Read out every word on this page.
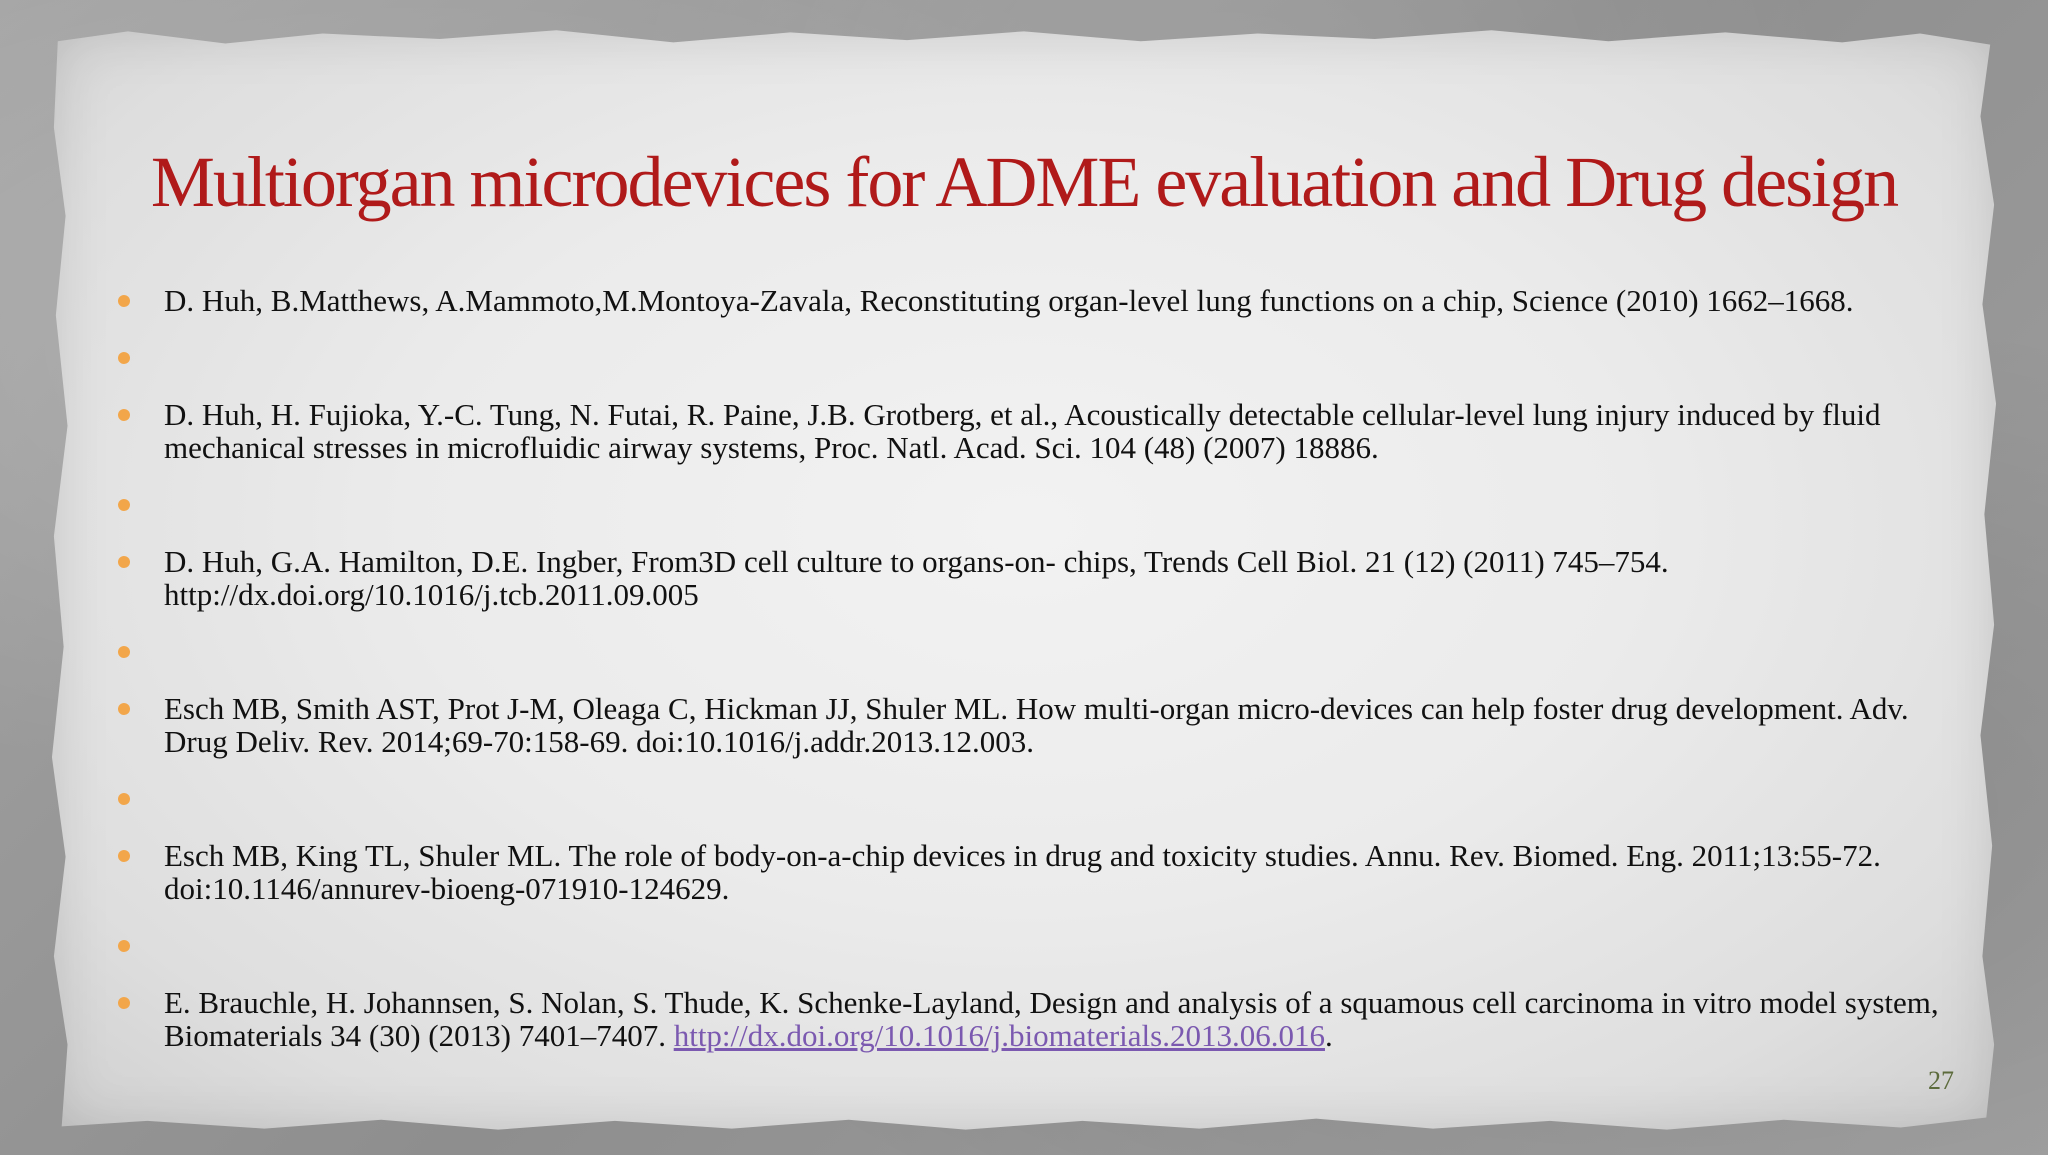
Multiorgan microdevices for ADME evaluation and Drug design
D. Huh, B.Matthews, A.Mammoto,M.Montoya-Zavala, Reconstituting organ-level lung functions on a chip, Science (2010) 1662–1668.
D. Huh, H. Fujioka, Y.-C. Tung, N. Futai, R. Paine, J.B. Grotberg, et al., Acoustically detectable cellular-level lung injury induced by fluid mechanical stresses in microfluidic airway systems, Proc. Natl. Acad. Sci. 104 (48) (2007) 18886.
D. Huh, G.A. Hamilton, D.E. Ingber, From3D cell culture to organs-on- chips, Trends Cell Biol. 21 (12) (2011) 745–754. http://dx.doi.org/10.1016/j.tcb.2011.09.005
Esch MB, Smith AST, Prot J-M, Oleaga C, Hickman JJ, Shuler ML. How multi-organ micro-devices can help foster drug development. Adv. Drug Deliv. Rev. 2014;69-70:158-69. doi:10.1016/j.addr.2013.12.003.
Esch MB, King TL, Shuler ML. The role of body-on-a-chip devices in drug and toxicity studies. Annu. Rev. Biomed. Eng. 2011;13:55-72. doi:10.1146/annurev-bioeng-071910-124629.
E. Brauchle, H. Johannsen, S. Nolan, S. Thude, K. Schenke-Layland, Design and analysis of a squamous cell carcinoma in vitro model system, Biomaterials 34 (30) (2013) 7401–7407. http://dx.doi.org/10.1016/j.biomaterials.2013.06.016.
27
